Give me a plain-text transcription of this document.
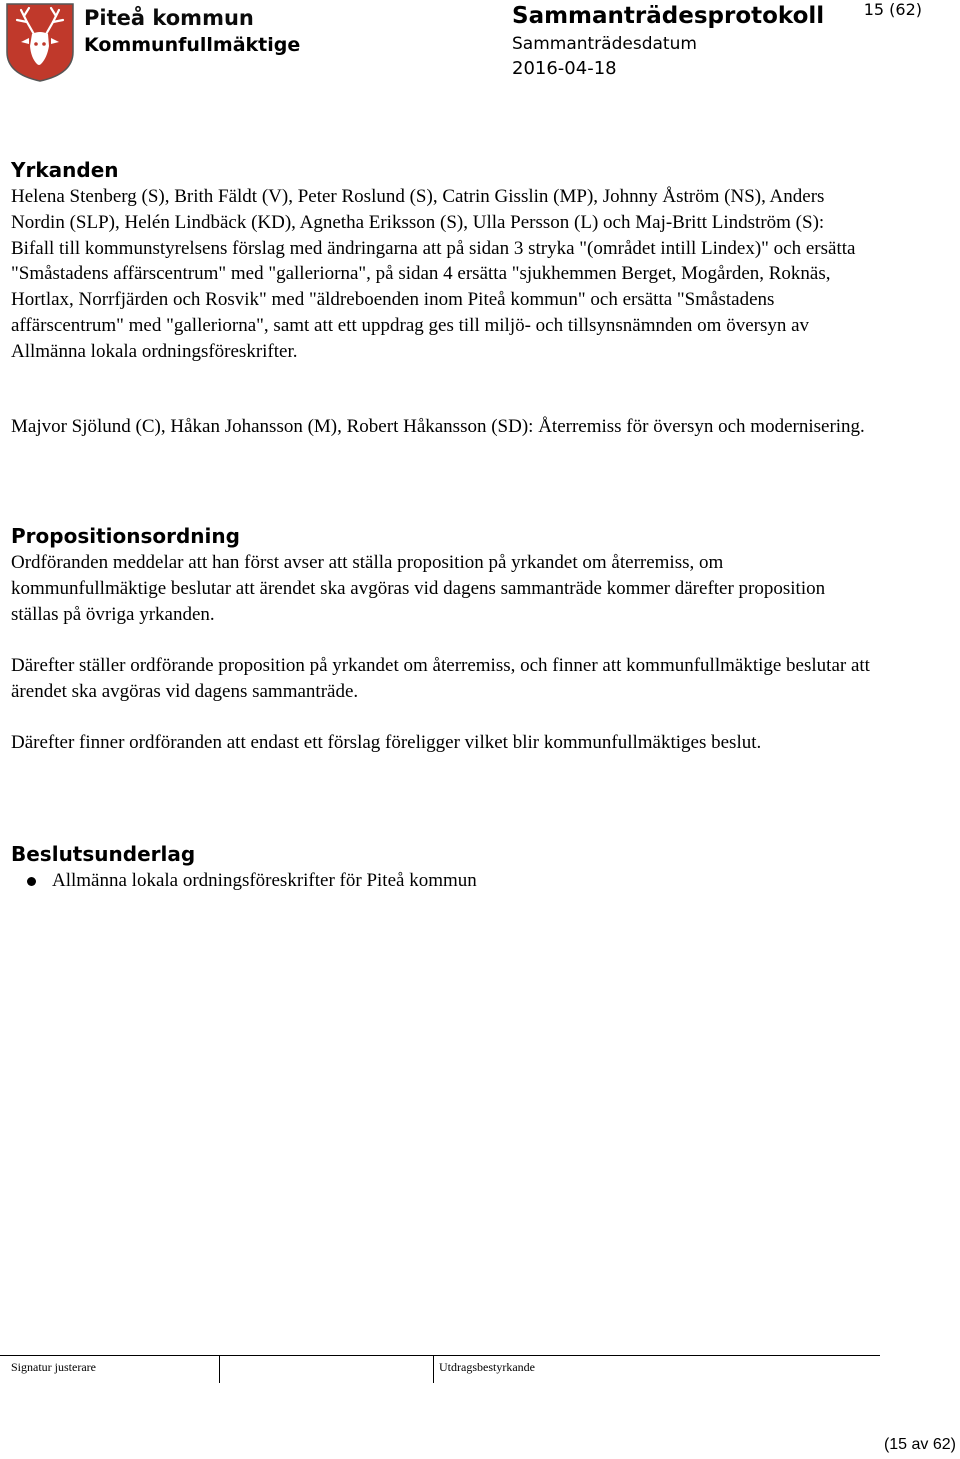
Piteå kommun
Kommunfullmäktige
Sammanträdesprotokoll
Sammanträdesdatum
2016-04-18
15 (62)
Yrkanden

Helena Stenberg (S), Brith Fäldt (V), Peter Roslund (S), Catrin Gisslin (MP), Johnny Åström (NS), Anders Nordin (SLP), Helén Lindbäck (KD), Agnetha Eriksson (S), Ulla Persson (L) och Maj-Britt Lindström (S): Bifall till kommunstyrelsens förslag med ändringarna att på sidan 3 stryka "(området intill Lindex)" och ersätta "Småstadens affärscentrum" med "galleriorna", på sidan 4 ersätta "sjukhemmen Berget, Mogården, Roknäs, Hortlax, Norrfjärden och Rosvik" med "äldreboenden inom Piteå kommun" och ersätta "Småstadens affärscentrum" med "galleriorna", samt att ett uppdrag ges till miljö- och tillsynsnämnden om översyn av Allmänna lokala ordningsföreskrifter.

Majvor Sjölund (C), Håkan Johansson (M), Robert Håkansson (SD): Återremiss för översyn och modernisering.

Propositionsordning

Ordföranden meddelar att han först avser att ställa proposition på yrkandet om återremiss, om kommunfullmäktige beslutar att ärendet ska avgöras vid dagens sammanträde kommer därefter proposition ställas på övriga yrkanden.

Därefter ställer ordförande proposition på yrkandet om återremiss, och finner att kommunfullmäktige beslutar att ärendet ska avgöras vid dagens sammanträde.

Därefter finner ordföranden att endast ett förslag föreligger vilket blir kommunfullmäktiges beslut.

Beslutsunderlag
Allmänna lokala ordningsföreskrifter för Piteå kommun
Signatur justerare	Utdragsbestyrkande
(15 av 62)
